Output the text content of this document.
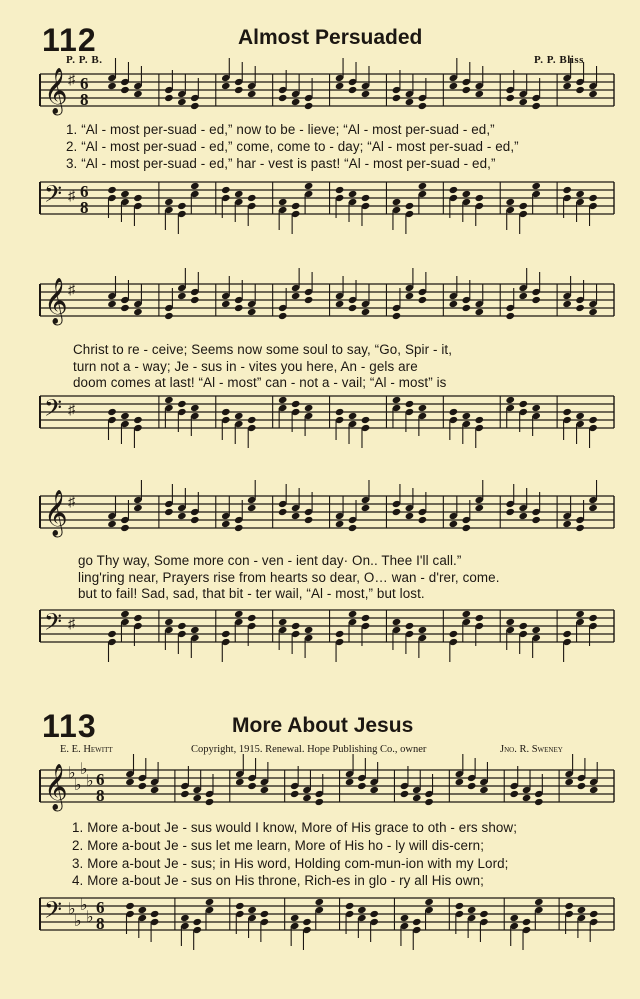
112	Almost Persuaded
P. P. B.	P. P. Bliss
𝄞 ♯ 6
8
𝄢 ♯ 6
8
1. “Al - most per-suad - ed,” now to be - lieve; “Al - most per-suad - ed,”
2. “Al - most per-suad - ed,” come, come to - day; “Al - most per-suad - ed,”
3. “Al - most per-suad - ed,” har - vest is past! “Al - most per-suad - ed,”
𝄞 ♯
𝄢 ♯
Christ to re - ceive; Seems now some soul to say, “Go, Spir - it,
turn not a - way; Je - sus in - vites you here, An - gels are
doom comes at last! “Al - most” can - not a - vail; “Al - most” is
𝄞 ♯
𝄢 ♯
go Thy way, Some more con - ven - ient day· On.. Thee I'll call.”
ling'ring near, Prayers rise from hearts so dear, O… wan - d'rer, come.
but to fail! Sad, sad, that bit - ter wail, “Al - most,” but lost.
113	More About Jesus
E. E. Hewitt	Copyright, 1915. Renewal. Hope Publishing Co., owner	Jno. R. Sweney
𝄞 ♭
♭
♭
♭ 6
8
𝄢 ♭
♭
♭
♭
6
8
1. More a-bout Je - sus would I know, More of His grace to oth - ers show;
2. More a-bout Je - sus let me learn, More of His ho - ly will dis-cern;
3. More a-bout Je - sus; in His word, Holding com-mun-ion with my Lord;
4. More a-bout Je - sus on His throne, Rich-es in glo - ry all His own;
